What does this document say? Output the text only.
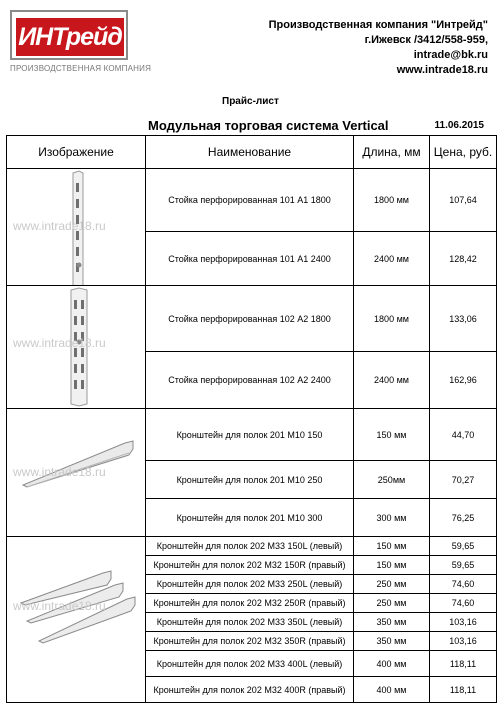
ИНТрейд
ПРОИЗВОДСТВЕННАЯ КОМПАНИЯ
Производственная компания "Интрейд"
г.Ижевск /3412/558-959,
intrade@bk.ru
www.intrade18.ru
Прайс-лист
Модульная торговая система Vertical	11.06.2015
Изображение	Наименование	Длина, мм	Цена, руб.

www.intrade18.ru	Стойка перфорированная 101 А1 1800	1800 мм	107,64
	Стойка перфорированная 101 А1 2400	2400 мм	128,42

www.intrade18.ru	Стойка перфорированная 102 А2 1800	1800 мм	133,06
	Стойка перфорированная 102 А2 2400	2400 мм	162,96

www.intrade18.ru	Кронштейн для полок 201 М10 150	150 мм	44,70
	Кронштейн для полок 201 М10 250	250мм	70,27
	Кронштейн для полок 201 М10 300	300 мм	76,25

www.intrade18.ru	Кронштейн для полок 202 М33 150L (левый)	150 мм	59,65
	Кронштейн для полок 202 М32 150R (правый)	150 мм	59,65
	Кронштейн для полок 202 М33 250L (левый)	250 мм	74,60
	Кронштейн для полок 202 М32 250R (правый)	250 мм	74,60
	Кронштейн для полок 202 М33 350L (левый)	350 мм	103,16
	Кронштейн для полок 202 М32 350R (правый)	350 мм	103,16
	Кронштейн для полок 202 М33 400L (левый)	400 мм	118,11
	Кронштейн для полок 202 М32 400R (правый)	400 мм	118,11
